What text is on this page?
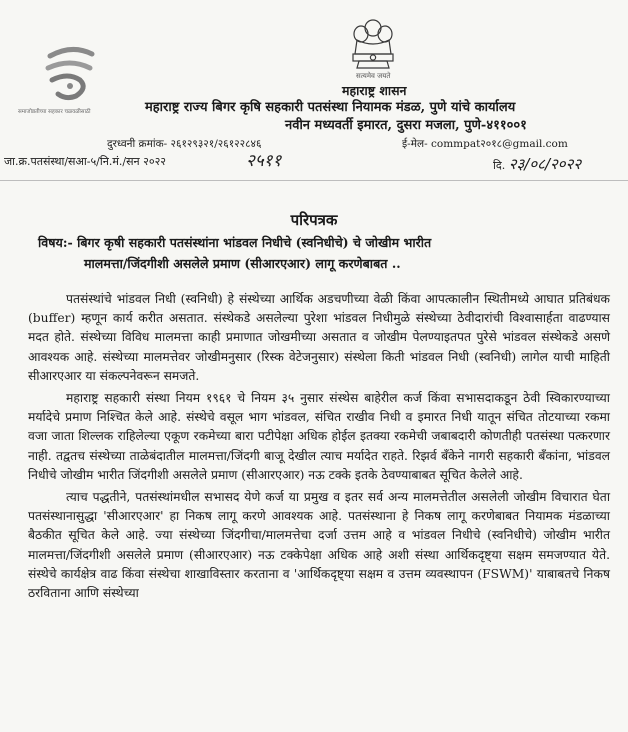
सत्यमेव जयते
समाजोन्नतीच्या सहकार चळवळीसाठी
महाराष्ट्र शासन
महाराष्ट्र राज्य बिगर कृषि सहकारी पतसंस्था नियामक मंडळ, पुणे यांचे कार्यालय
नवीन मध्यवर्ती इमारत, दुसरा मजला, पुणे-४११००१
दुरध्वनी क्रमांक- २६१२९३२१/२६१२२८४६	ई-मेल- commpat२०१८@gmail.com
जा.क्र.पतसंस्था/सआ-५/नि.मं./सन २०२२	२५११	दि. २३/०८/२०२२
परिपत्रक
विषय:- बिगर कृषी सहकारी पतसंस्थांना भांडवल निधीचे (स्वनिधीचे) चे जोखीम भारीत
मालमत्ता/जिंदगीशी असलेले प्रमाण (सीआरएआर) लागू करणेबाबत ..

पतसंस्थांचे भांडवल निधी (स्वनिधी) हे संस्थेच्या आर्थिक अडचणीच्या वेळी किंवा आपत्कालीन स्थितीमध्ये आघात प्रतिबंधक (buffer) म्हणून कार्य करीत असतात. संस्थेकडे असलेल्या पुरेशा भांडवल निधीमुळे संस्थेच्या ठेवीदारांची विश्वासार्हता वाढण्यास मदत होते. संस्थेच्या विविध मालमत्ता काही प्रमाणात जोखमीच्या असतात व जोखीम पेलण्याइतपत पुरेसे भांडवल संस्थेकडे असणे आवश्यक आहे. संस्थेच्या मालमत्तेवर जोखीमनुसार (रिस्क वेटेजनुसार) संस्थेला किती भांडवल निधी (स्वनिधी) लागेल याची माहिती सीआरएआर या संकल्पनेवरून समजते.

महाराष्ट्र सहकारी संस्था नियम १९६१ चे नियम ३५ नुसार संस्थेस बाहेरील कर्ज किंवा सभासदाकडून ठेवी स्विकारण्याच्या मर्यादेचे प्रमाण निश्चित केले आहे. संस्थेचे वसूल भाग भांडवल, संचित राखीव निधी व इमारत निधी यातून संचित तोटयाच्या रकमा वजा जाता शिल्लक राहिलेल्या एकूण रकमेच्या बारा पटीपेक्षा अधिक होईल इतक्या रकमेची जबाबदारी कोणतीही पतसंस्था पत्करणार नाही. तद्वतच संस्थेच्या ताळेबंदातील मालमत्ता/जिंदगी बाजू देखील त्याच मर्यादेत राहते. रिझर्व बँकेने नागरी सहकारी बँकांना, भांडवल निधीचे जोखीम भारीत जिंदगीशी असलेले प्रमाण (सीआरएआर) नऊ टक्के इतके ठेवण्याबाबत सूचित केलेले आहे.

त्याच पद्धतीने, पतसंस्थांमधील सभासद येणे कर्ज या प्रमुख व इतर सर्व अन्य मालमत्तेतील असलेली जोखीम विचारात घेता पतसंस्थानासुद्धा 'सीआरएआर' हा निकष लागू करणे आवश्यक आहे. पतसंस्थाना हे निकष लागू करणेबाबत नियामक मंडळाच्या बैठकीत सूचित केले आहे. ज्या संस्थेच्या जिंदगीचा/मालमत्तेचा दर्जा उत्तम आहे व भांडवल निधीचे (स्वनिधीचे) जोखीम भारीत मालमत्ता/जिंदगीशी असलेले प्रमाण (सीआरएआर) नऊ टक्केपेक्षा अधिक आहे अशी संस्था आर्थिकदृष्ट्या सक्षम समजण्यात येते. संस्थेचे कार्यक्षेत्र वाढ किंवा संस्थेचा शाखाविस्तार करताना व 'आर्थिकदृष्ट्या सक्षम व उत्तम व्यवस्थापन (FSWM)' याबाबतचे निकष ठरविताना आणि संस्थेच्या
